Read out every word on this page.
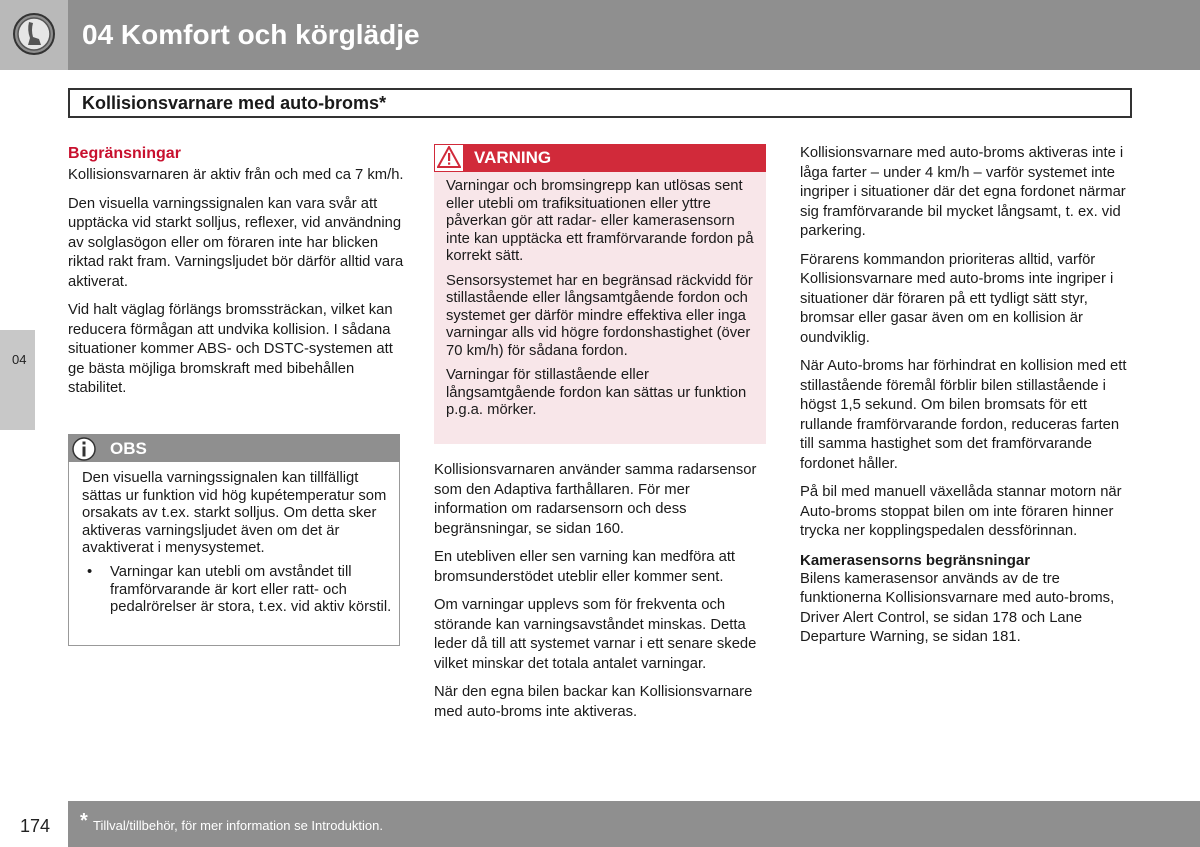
04 Komfort och körglädje
Kollisionsvarnare med auto-broms*
04
Begränsningar

Kollisionsvarnaren är aktiv från och med ca 7 km/h.

Den visuella varningssignalen kan vara svår att upptäcka vid starkt solljus, reflexer, vid användning av solglasögon eller om föraren inte har blicken riktad rakt fram. Varningsljudet bör därför alltid vara aktiverat.

Vid halt väglag förlängs bromssträckan, vilket kan reducera förmågan att undvika kollision. I sådana situationer kommer ABS- och DSTC-systemen att ge bästa möjliga bromskraft med bibehållen stabilitet.

OBS

Den visuella varningssignalen kan tillfälligt sättas ur funktion vid hög kupétemperatur som orsakats av t.ex. starkt solljus. Om detta sker aktiveras varningsljudet även om det är avaktiverat i menysystemet.

• Varningar kan utebli om avståndet till framförvarande är kort eller ratt- och pedalrörelser är stora, t.ex. vid aktiv körstil.

VARNING

Varningar och bromsingrepp kan utlösas sent eller utebli om trafiksituationen eller yttre påverkan gör att radar- eller kamerasensorn inte kan upptäcka ett framförvarande fordon på korrekt sätt.

Sensorsystemet har en begränsad räckvidd för stillastående eller långsamtgående fordon och systemet ger därför mindre effektiva eller inga varningar alls vid högre fordonshastighet (över 70 km/h) för sådana fordon.

Varningar för stillastående eller långsamtgående fordon kan sättas ur funktion p.g.a. mörker.

Kollisionsvarnaren använder samma radarsensor som den Adaptiva farthållaren. För mer information om radarsensorn och dess begränsningar, se sidan 160.

En utebliven eller sen varning kan medföra att bromsunderstödet uteblir eller kommer sent.

Om varningar upplevs som för frekventa och störande kan varningsavståndet minskas. Detta leder då till att systemet varnar i ett senare skede vilket minskar det totala antalet varningar.

När den egna bilen backar kan Kollisionsvarnare med auto-broms inte aktiveras.

Kollisionsvarnare med auto-broms aktiveras inte i låga farter – under 4 km/h – varför systemet inte ingriper i situationer där det egna fordonet närmar sig framförvarande bil mycket långsamt, t. ex. vid parkering.

Förarens kommandon prioriteras alltid, varför Kollisionsvarnare med auto-broms inte ingriper i situationer där föraren på ett tydligt sätt styr, bromsar eller gasar även om en kollision är oundviklig.

När Auto-broms har förhindrat en kollision med ett stillastående föremål förblir bilen stillastående i högst 1,5 sekund. Om bilen bromsats för ett rullande framförvarande fordon, reduceras farten till samma hastighet som det framförvarande fordonet håller.

På bil med manuell växellåda stannar motorn när Auto-broms stoppat bilen om inte föraren hinner trycka ner kopplingspedalen dessförinnan.

Kamerasensorns begränsningar

Bilens kamerasensor används av de tre funktionerna Kollisionsvarnare med auto-broms, Driver Alert Control, se sidan 178 och Lane Departure Warning, se sidan 181.

174 * Tillval/tillbehör, för mer information se Introduktion.
